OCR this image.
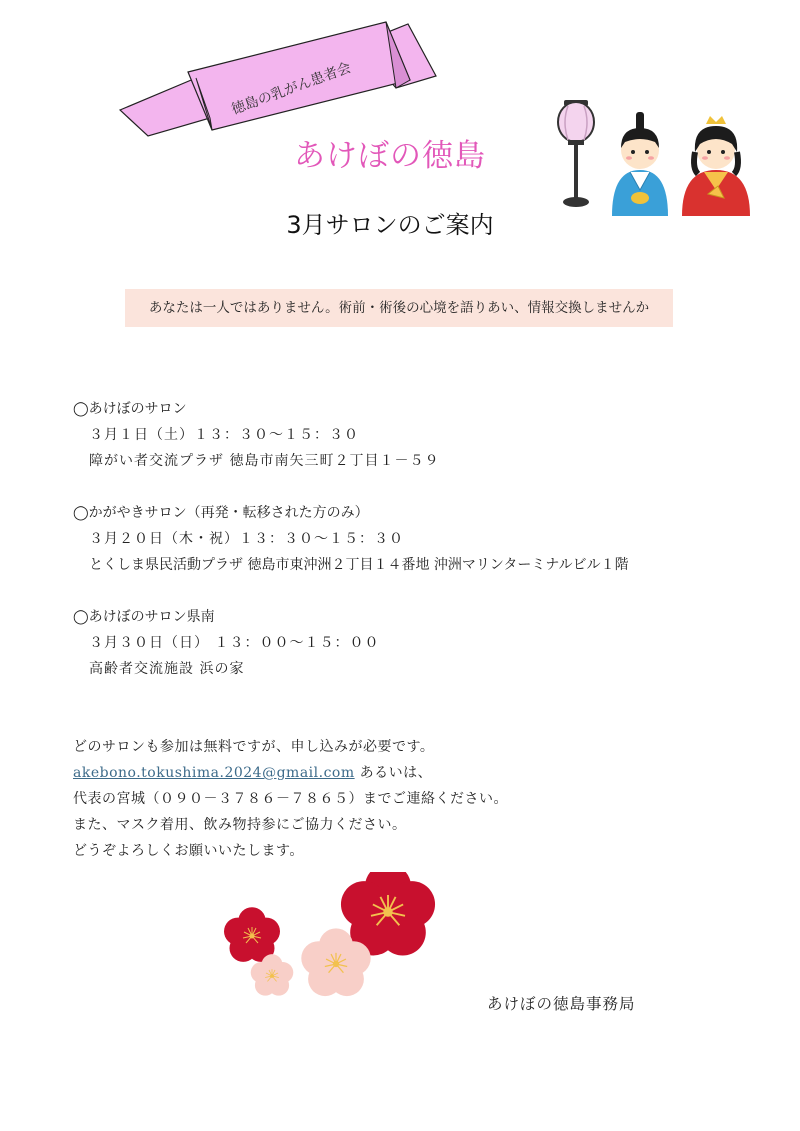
徳島の乳がん患者会
あけぼの徳島
3月サロンのご案内
あなたは一人ではありません。術前・術後の心境を語りあい、情報交換しませんか
◯あけぼのサロン
３月１日（土）１３：３０〜１５：３０
障がい者交流プラザ 徳島市南矢三町２丁目１－５９
◯かがやきサロン（再発・転移された方のみ）
３月２０日（木・祝）１３：３０〜１５：３０
とくしま県民活動プラザ 徳島市東沖洲２丁目１４番地 沖洲マリンターミナルビル１階
◯あけぼのサロン県南
３月３０日（日） １３：００〜１５：００
高齢者交流施設 浜の家
どのサロンも参加は無料ですが、申し込みが必要です。
akebono.tokushima.2024@gmail.com あるいは、
代表の宮城（０９０－３７８６－７８６５）までご連絡ください。
また、マスク着用、飲み物持参にご協力ください。
どうぞよろしくお願いいたします。
あけぼの徳島事務局
